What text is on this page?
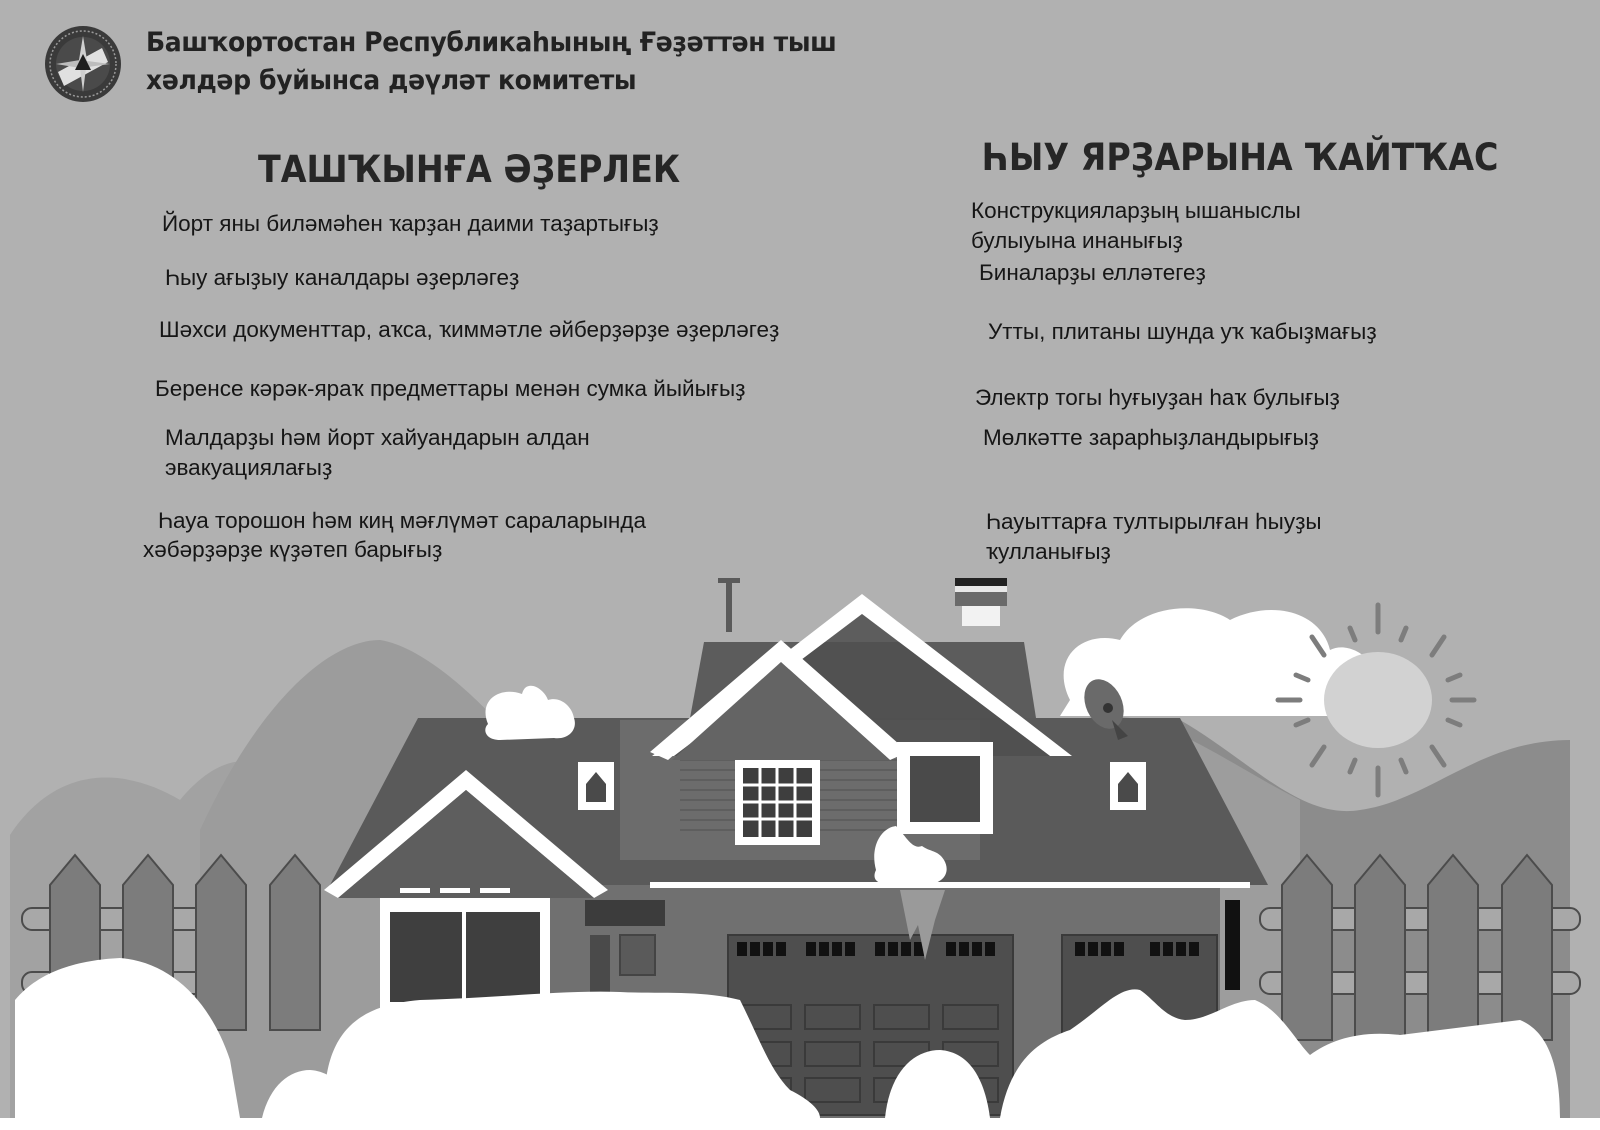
Башҡортостан Республикаһының Ғәҙәттән тыш
хәлдәр буйынса дәүләт комитеты
ТАШҠЫНҒА ӘҘЕРЛЕК
Йорт яны биләмәһен ҡарҙан даими таҙартығыҙ
Һыу ағыҙыу каналдары әҙерләгеҙ
Шәхси документтар, аҡса, ҡиммәтле әйберҙәрҙе әҙерләгеҙ
Беренсе кәрәк-яраҡ предметтары менән сумка йыйығыҙ
Малдарҙы һәм йорт хайуандарын алдан
эвакуациялағыҙ
Һауа торошон һәм киң мәғлүмәт сараларында
хәбәрҙәрҙе күҙәтеп барығыҙ
ҺЫУ ЯРҘАРЫНА ҠАЙТҠАС
Конструкцияларҙың ышаныслы
булыуына инанығыҙ
Биналарҙы елләтегеҙ
Утты, плитаны шунда уҡ ҡабыҙмағыҙ
Электр тогы һуғыуҙан һаҡ булығыҙ
Мөлкәтте зарарһыҙландырығыҙ
Һауыттарға тултырылған һыуҙы
ҡулланығыҙ
